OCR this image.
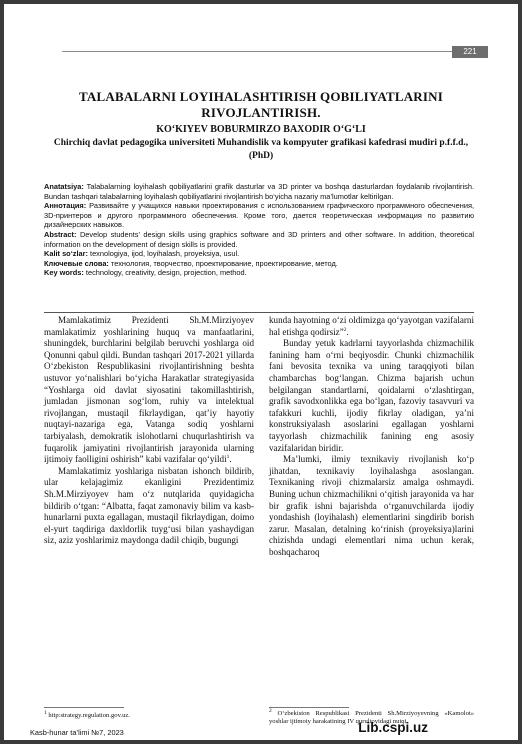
221
TALABALARNI LOYIHALASHTIRISH QOBILIYATLARINI RIVOJLANTIRISH.
KO‘KIYEV BOBURMIRZO BAXODIR O‘G‘LI
Chirchiq davlat pedagogika universiteti Muhandislik va kompyuter grafikasi kafedrasi mudiri p.f.f.d., (PhD)

Anatatsiya: Talabalarning loyihalash qobiliyatlarini grafik dasturlar va 3D printer va boshqa dasturlardan foydalanib rivojlantirish. Bundan tashqari talabalarning loyihalash qobiliyatlarini rivojlantirish bo‘yicha nazariy ma’lumotlar keltirilgan.

Аннотация: Развивайте у учащихся навыки проектирования с использованием графического программного обеспечения, 3D-принтеров и другого программного обеспечения. Кроме того, дается теоретическая информация по развитию дизайнерских навыков.

Abstract: Develop students' design skills using graphics software and 3D printers and other software. In addition, theoretical information on the development of design skills is provided.

Kalit so‘zlar: texnologiya, ijod, loyihalash, proyeksiya, usul.

Ключевые слова: технология, творчество, проектирование, проектирование, метод.

Key words: technology, creativity, design, projection, method.

Mamlakatimiz Prezidenti Sh.M.Mirziyoyev mamlakatimiz yoshlarining huquq va manfaatlarini, shuningdek, burchlarini belgilab beruvchi yoshlarga oid Qonunni qabul qildi. Bundan tashqari 2017-2021 yillarda O‘zbekiston Respublikasini rivojlantirishning beshta ustuvor yo‘nalishlari bo‘yicha Harakatlar strategiyasida “Yoshlarga oid davlat siyosatini takomillashtirish, jumladan jismonan sog‘lom, ruhiy va intelektual rivojlangan, mustaqil fikrlaydigan, qat’iy hayotiy nuqtayi-nazariga ega, Vatanga sodiq yoshlarni tarbiyalash, demokratik islohotlarni chuqurlashtirish va fuqarolik jamiyatini rivojlantirish jarayonida ularning ijtimoiy faolligini oshirish” kabi vazifalar qo‘yildi$^1$.

Mamlakatimiz yoshlariga nisbatan ishonch bildirib, ular kelajagimiz ekanligini Prezidentimiz Sh.M.Mirziyoyev ham o‘z nutqlarida quyidagicha bildirib o‘tgan: “Albatta, faqat zamonaviy bilim va kasb-hunarlarni puxta egallagan, mustaqil fikrlaydigan, doimo el-yurt taqdiriga daxldorlik tuyg‘usi bilan yashaydigan siz, aziz yoshlarimiz maydonga dadil chiqib, bugungi

kunda hayotning o‘zi oldimizga qo‘yayotgan vazifalarni hal etishga qodirsiz”$^2$.

Bunday yetuk kadrlarni tayyorlashda chizmachilik fanining ham o‘rni beqiyosdir. Chunki chizmachilik fani bevosita texnika va uning taraqqiyoti bilan chambarchas bog‘langan. Chizma bajarish uchun belgilangan standartlarni, qoidalarni o‘zlashtirgan, grafik savodxonlikka ega bo‘lgan, fazoviy tasavvuri va tafakkuri kuchli, ijodiy fikrlay oladigan, ya’ni konstruksiyalash asoslarini egallagan yoshlarni tayyorlash chizmachilik fanining eng asosiy vazifalaridan biridir.

Ma’lumki, ilmiy texnikaviy rivojlanish ko‘p jihatdan, texnikaviy loyihalashga asoslangan. Texnikaning rivoji chizmalarsiz amalga oshmaydi. Buning uchun chizmachilikni o‘qitish jarayonida va har bir grafik ishni bajarishda o‘rganuvchilarda ijodiy yondashish (loyihalash) elementlarini singdirib borish zarur. Masalan, detalning ko‘rinish (proyeksiya)larini chizishda undagi elementlari nima uchun kerak, boshqacharoq

$^1$ http:strategy.regulation.gov.uz.
$^2$ O‘zbekiston Respublikasi Prezidenti Sh.Mirziyoyevning «Kamolot» yoshlar ijtimoiy harakatining IV qurultoyidagi nutqi.
Kasb-hunar ta’limi №7, 2023	Lib.cspi.uz
